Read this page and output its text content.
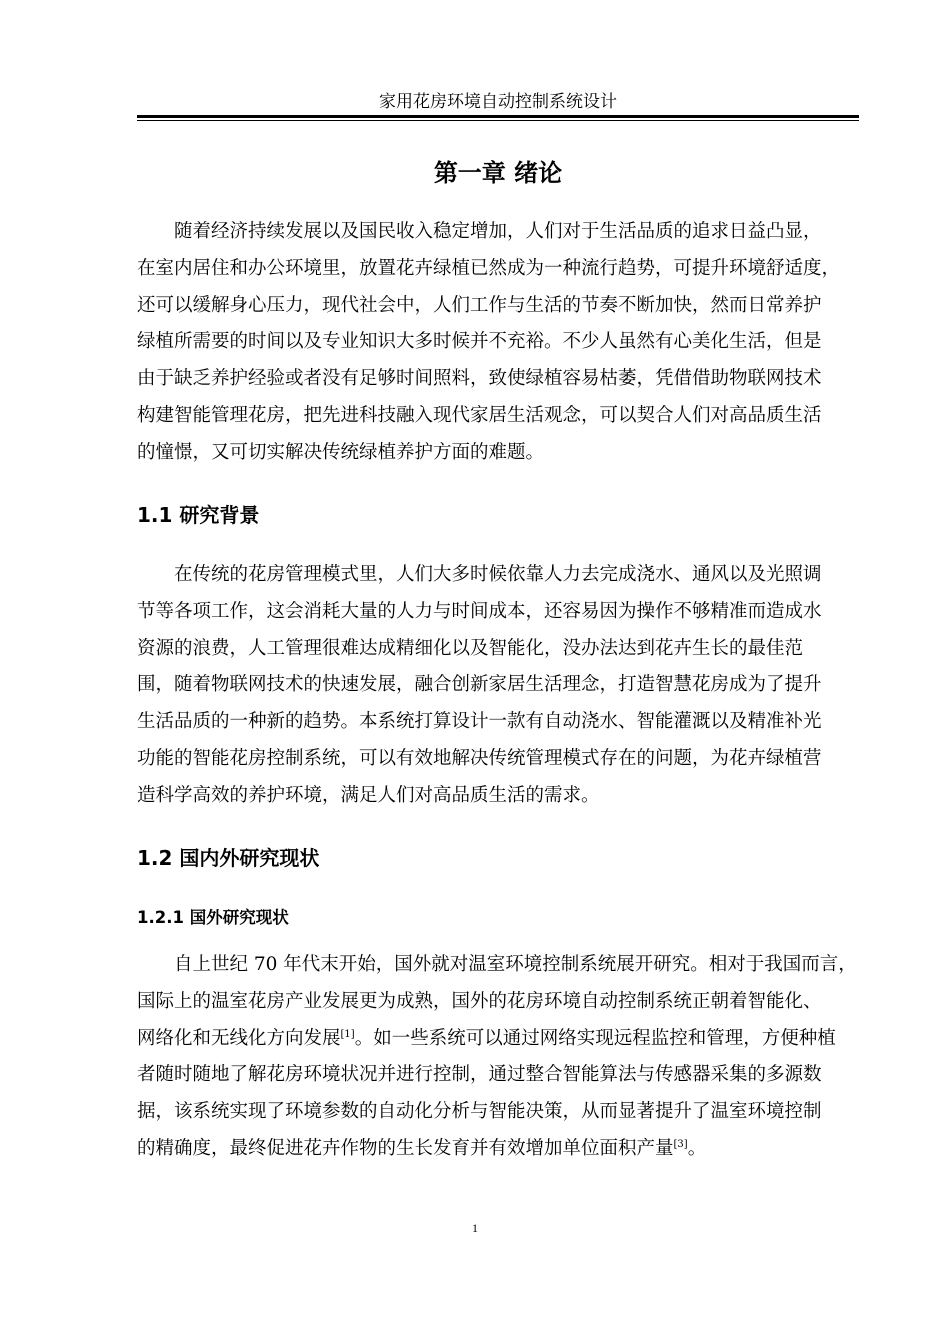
家用花房环境自动控制系统设计
第一章 绪论

随着经济持续发展以及国民收入稳定增加，人们对于生活品质的追求日益凸显，
在室内居住和办公环境里，放置花卉绿植已然成为一种流行趋势，可提升环境舒适度，
还可以缓解身心压力，现代社会中，人们工作与生活的节奏不断加快，然而日常养护
绿植所需要的时间以及专业知识大多时候并不充裕。不少人虽然有心美化生活，但是
由于缺乏养护经验或者没有足够时间照料，致使绿植容易枯萎，凭借借助物联网技术
构建智能管理花房，把先进科技融入现代家居生活观念，可以契合人们对高品质生活
的憧憬，又可切实解决传统绿植养护方面的难题。

1.1 研究背景

在传统的花房管理模式里，人们大多时候依靠人力去完成浇水、通风以及光照调
节等各项工作，这会消耗大量的人力与时间成本，还容易因为操作不够精准而造成水
资源的浪费，人工管理很难达成精细化以及智能化，没办法达到花卉生长的最佳范
围，随着物联网技术的快速发展，融合创新家居生活理念，打造智慧花房成为了提升
生活品质的一种新的趋势。本系统打算设计一款有自动浇水、智能灌溉以及精准补光
功能的智能花房控制系统，可以有效地解决传统管理模式存在的问题，为花卉绿植营
造科学高效的养护环境，满足人们对高品质生活的需求。

1.2 国内外研究现状
1.2.1 国外研究现状

自上世纪 70 年代末开始，国外就对温室环境控制系统展开研究。相对于我国而言，
国际上的温室花房产业发展更为成熟，国外的花房环境自动控制系统正朝着智能化、
网络化和无线化方向发展[1]。如一些系统可以通过网络实现远程监控和管理，方便种植
者随时随地了解花房环境状况并进行控制，通过整合智能算法与传感器采集的多源数
据，该系统实现了环境参数的自动化分析与智能决策，从而显著提升了温室环境控制
的精确度，最终促进花卉作物的生长发育并有效增加单位面积产量[3]。

1
